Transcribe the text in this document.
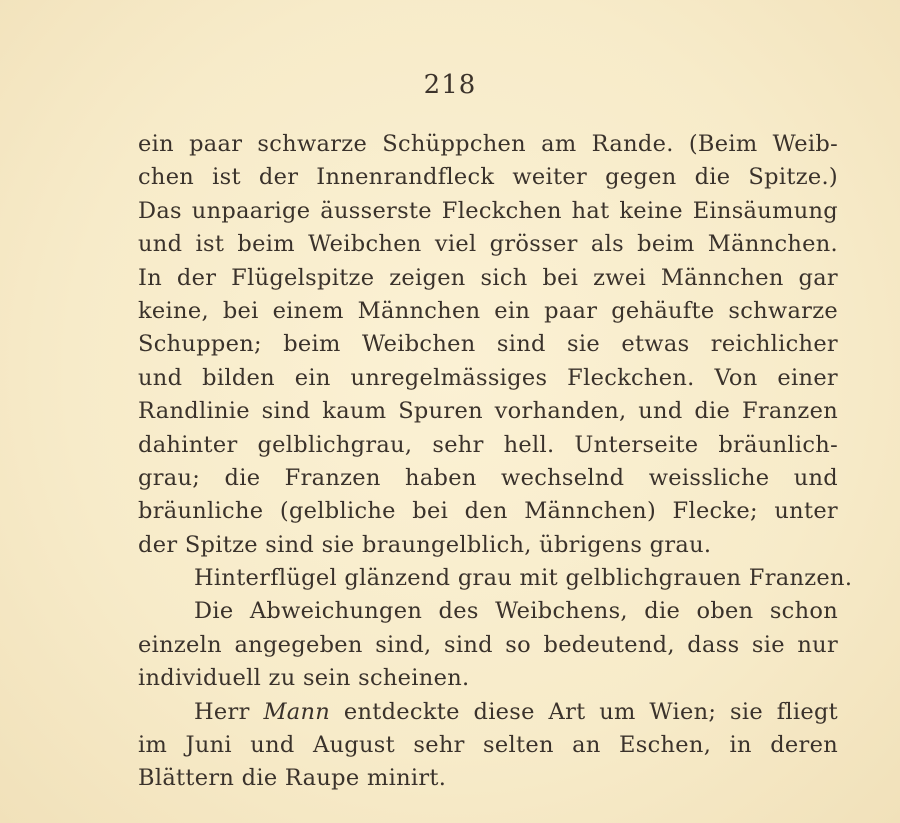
218
ein paar schwarze Schüppchen am Rande. (Beim Weib-
chen ist der Innenrandfleck weiter gegen die Spitze.)
Das unpaarige äusserste Fleckchen hat keine Einsäumung
und ist beim Weibchen viel grösser als beim Männchen.
In der Flügelspitze zeigen sich bei zwei Männchen gar
keine, bei einem Männchen ein paar gehäufte schwarze
Schuppen; beim Weibchen sind sie etwas reichlicher
und bilden ein unregelmässiges Fleckchen. Von einer
Randlinie sind kaum Spuren vorhanden, und die Franzen
dahinter gelblichgrau, sehr hell. Unterseite bräunlich-
grau; die Franzen haben wechselnd weissliche und
bräunliche (gelbliche bei den Männchen) Flecke; unter
der Spitze sind sie braungelblich, übrigens grau.
Hinterflügel glänzend grau mit gelblichgrauen Franzen.
Die Abweichungen des Weibchens, die oben schon
einzeln angegeben sind, sind so bedeutend, dass sie nur
individuell zu sein scheinen.
Herr Mann entdeckte diese Art um Wien; sie fliegt
im Juni und August sehr selten an Eschen, in deren
Blättern die Raupe minirt.
